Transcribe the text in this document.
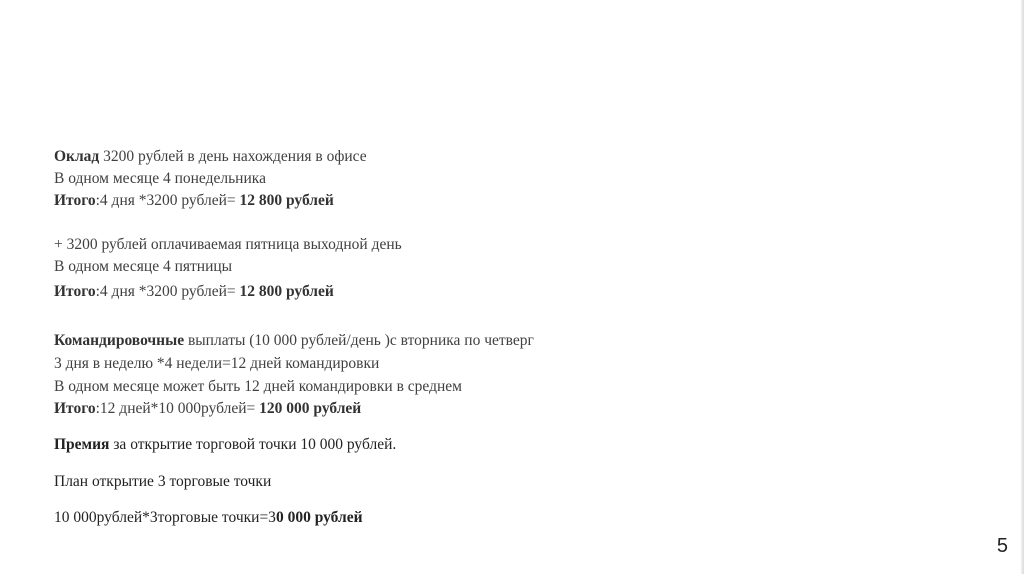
Оклад 3200 рублей в день нахождения в офисе
В одном месяце 4 понедельника
Итого:4 дня *3200 рублей= 12 800 рублей
+ 3200 рублей оплачиваемая пятница выходной день
В одном месяце 4 пятницы
Итого:4 дня *3200 рублей= 12 800 рублей
Командировочные выплаты (10 000 рублей/день )с вторника по четверг
3 дня в неделю *4 недели=12 дней командировки
В одном месяце может быть 12 дней командировки в среднем
Итого:12 дней*10 000рублей= 120 000 рублей
Премия за открытие торговой точки 10 000 рублей.
План открытие 3 торговые точки
10 000рублей*3торговые точки=30 000 рублей
5
